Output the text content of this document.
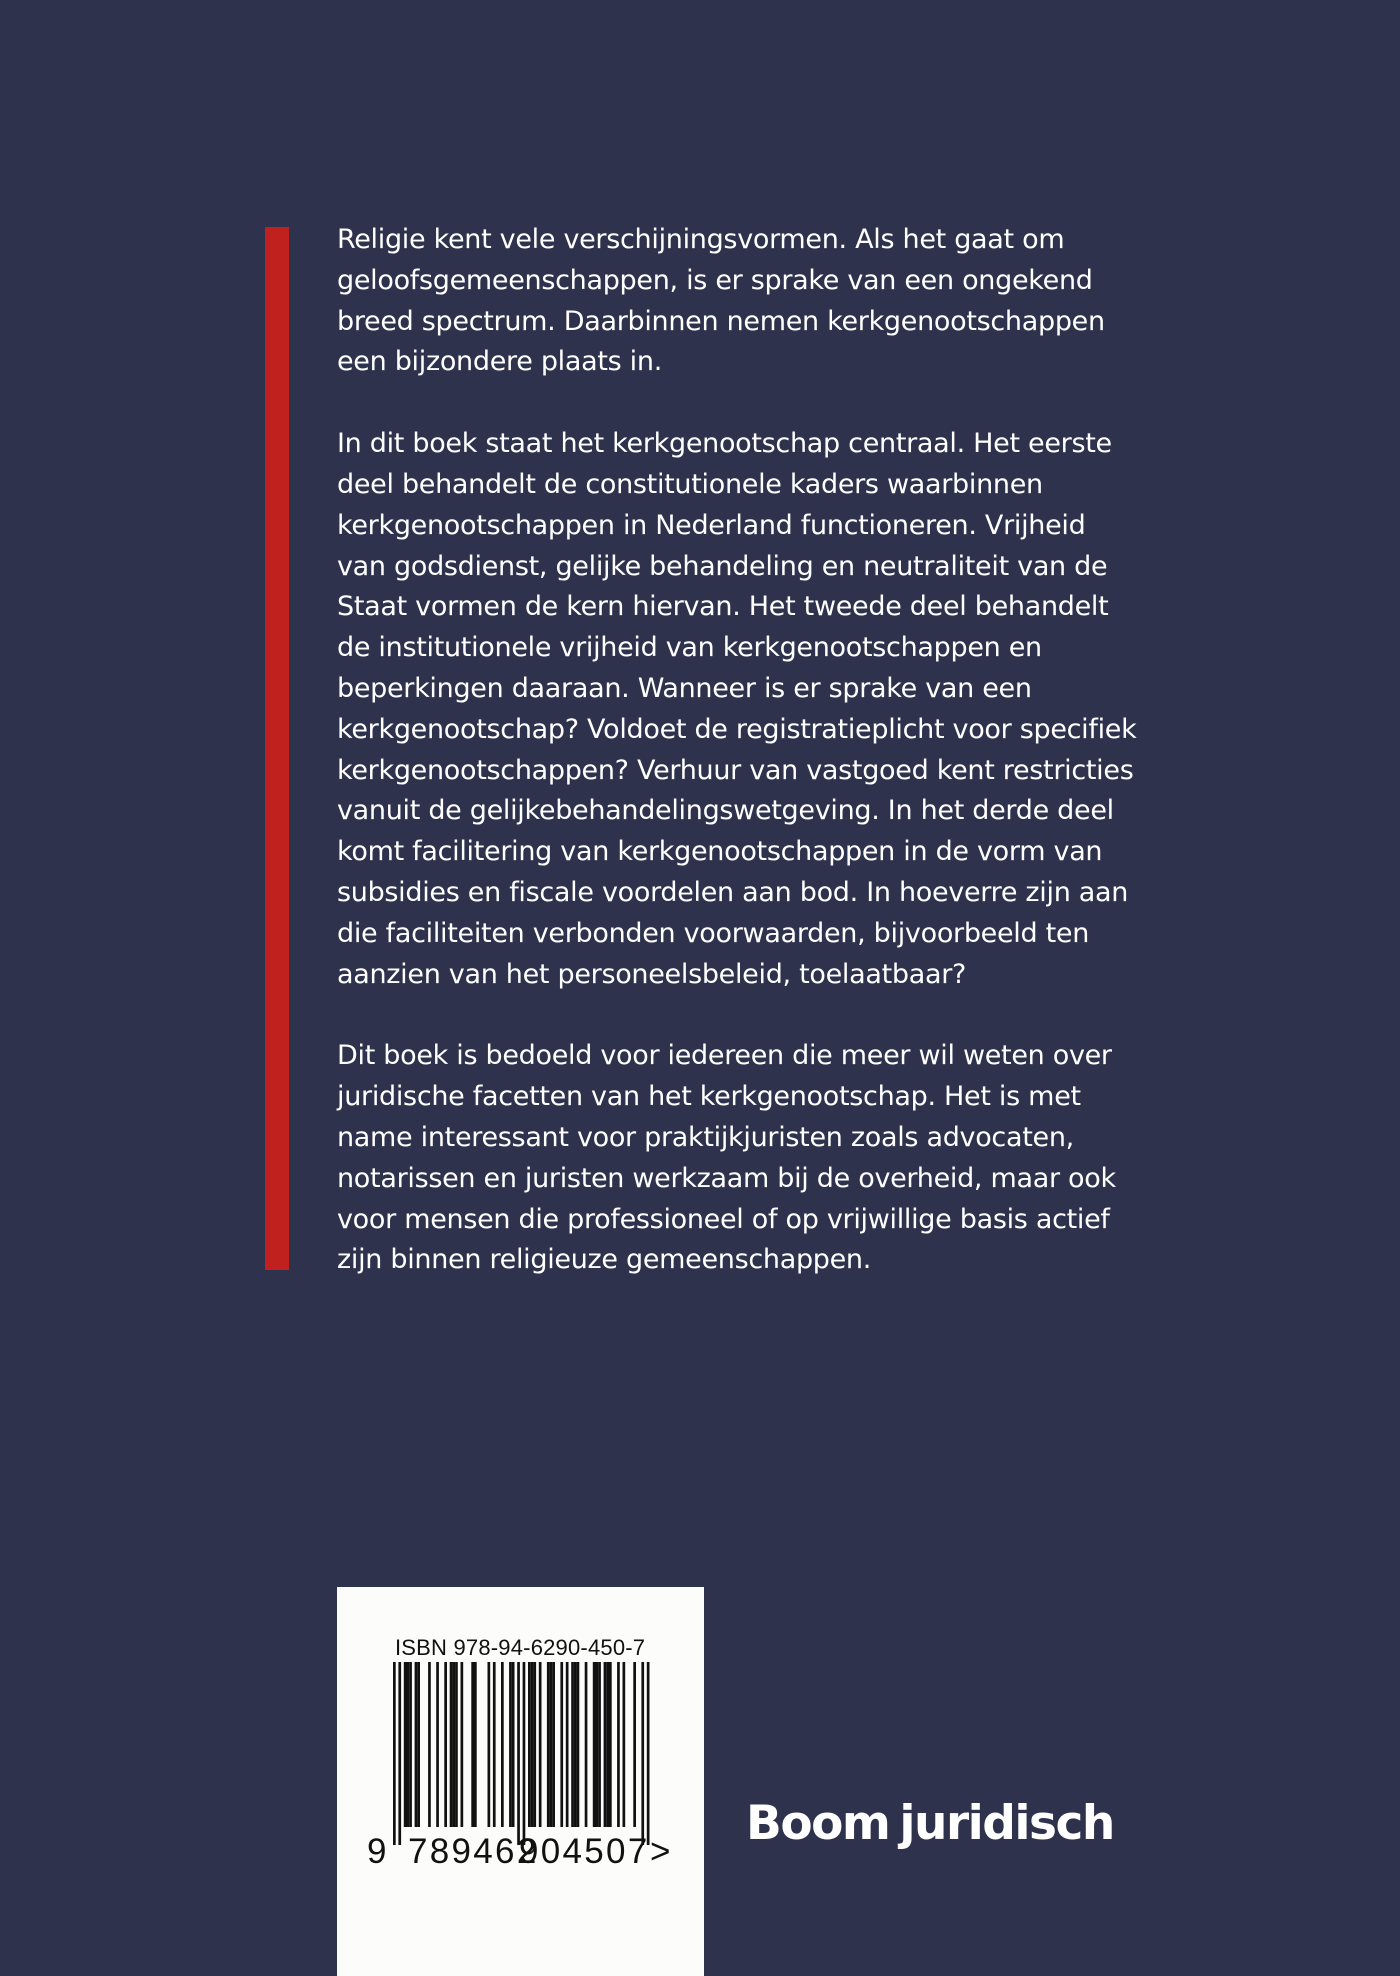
Religie kent vele verschijningsvormen. Als het gaat om
geloofsgemeenschappen, is er sprake van een ongekend
breed spectrum. Daarbinnen nemen kerkgenootschappen
een bijzondere plaats in.

In dit boek staat het kerkgenootschap centraal. Het eerste
deel behandelt de constitutionele kaders waarbinnen
kerkgenootschappen in Nederland functioneren. Vrijheid
van godsdienst, gelijke behandeling en neutraliteit van de
Staat vormen de kern hiervan. Het tweede deel behandelt
de institutionele vrijheid van kerkgenootschappen en
beperkingen daaraan. Wanneer is er sprake van een
kerkgenootschap? Voldoet de registratieplicht voor specifiek
kerkgenootschappen? Verhuur van vastgoed kent restricties
vanuit de gelijkebehandelingswetgeving. In het derde deel
komt facilitering van kerkgenootschappen in de vorm van
subsidies en fiscale voordelen aan bod. In hoeverre zijn aan
die faciliteiten verbonden voorwaarden, bijvoorbeeld ten
aanzien van het personeelsbeleid, toelaatbaar?

Dit boek is bedoeld voor iedereen die meer wil weten over
juridische facetten van het kerkgenootschap. Het is met
name interessant voor praktijkjuristen zoals advocaten,
notarissen en juristen werkzaam bij de overheid, maar ook
voor mensen die professioneel of op vrijwillige basis actief
zijn binnen religieuze gemeenschappen.

ISBN 978-94-6290-450-7
9 789462
904507 >
Boom juridisch
